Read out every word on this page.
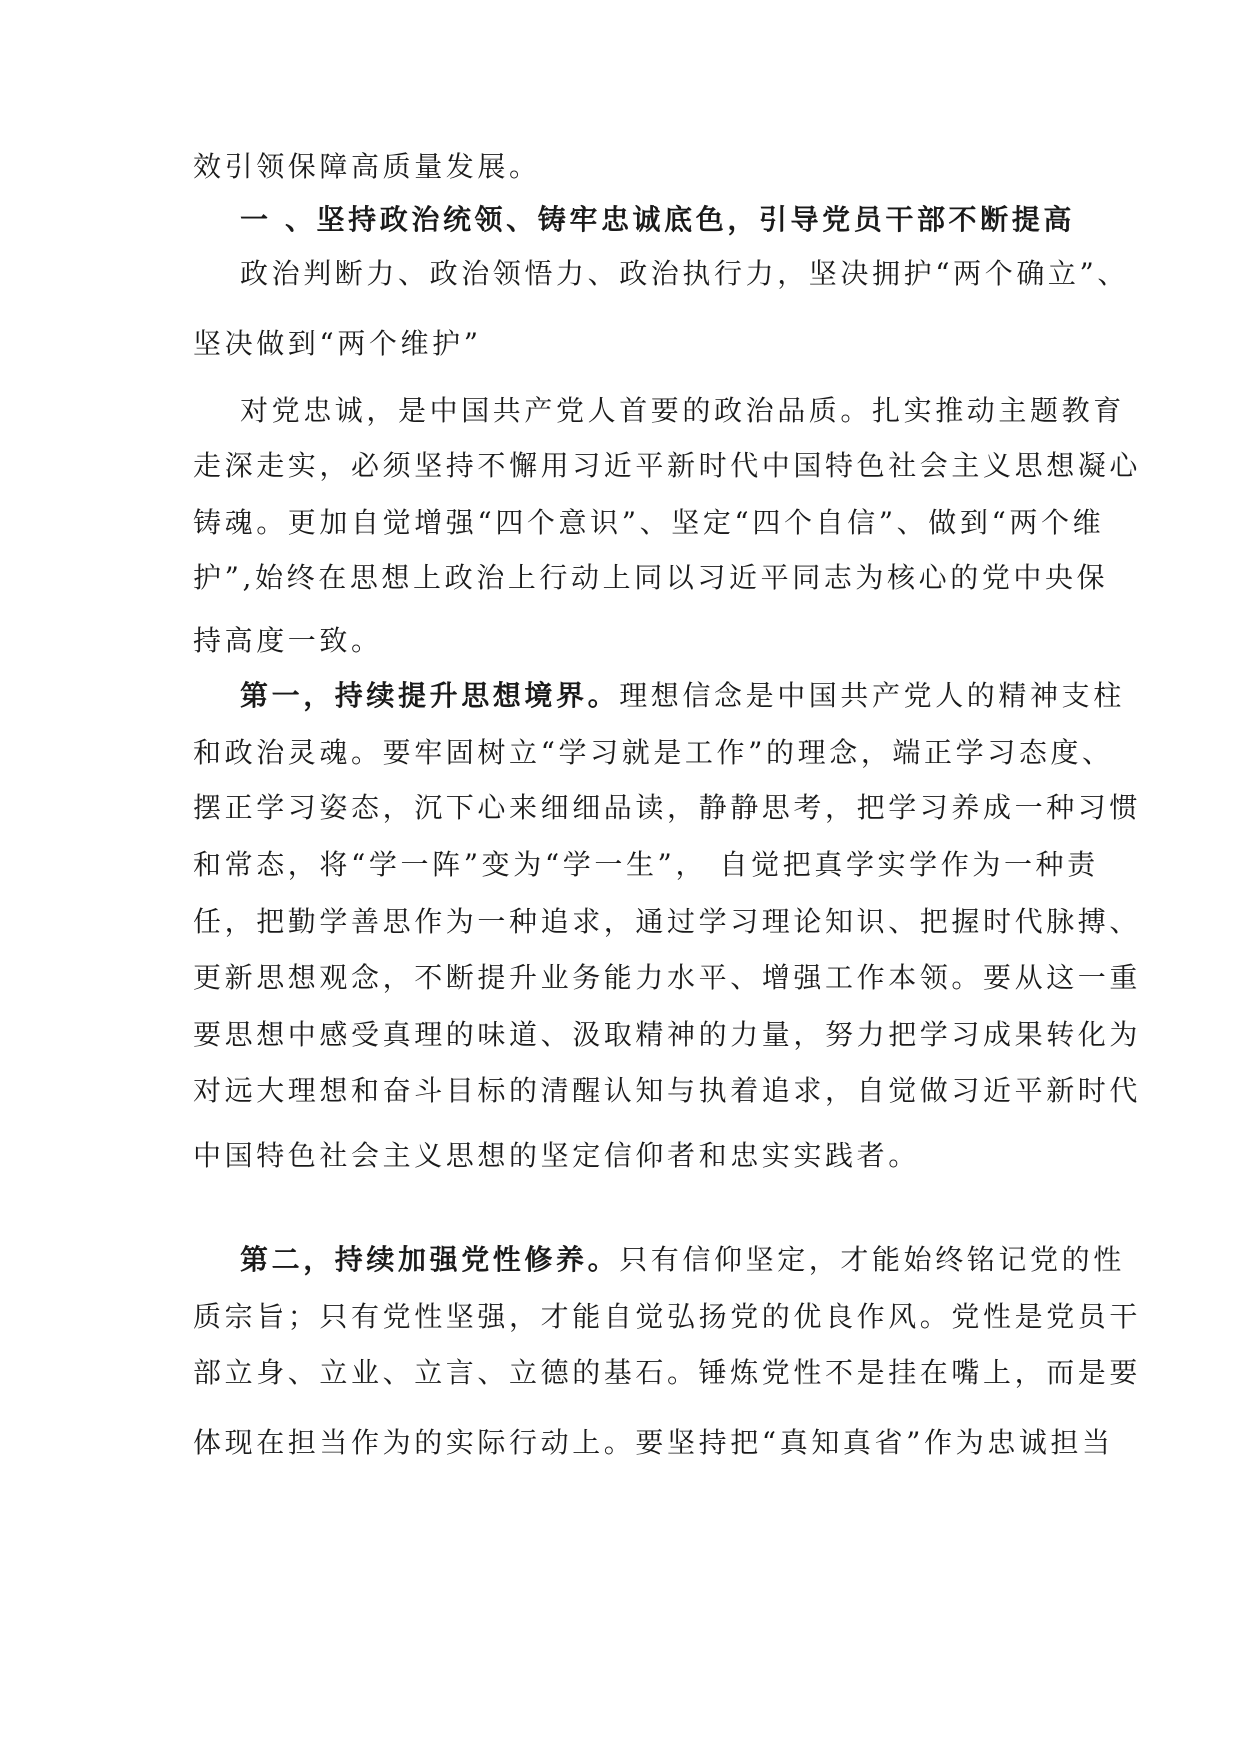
效引领保障高质量发展。

一 、坚持政治统领、铸牢忠诚底色，引导党员干部不断提高

政治判断力、政治领悟力、政治执行力，坚决拥护“两个确立”、

坚决做到“两个维护”

对党忠诚，是中国共产党人首要的政治品质。扎实推动主题教育

走深走实，必须坚持不懈用习近平新时代中国特色社会主义思想凝心

铸魂。更加自觉增强“四个意识”、坚定“四个自信”、做到“两个维

护”,始终在思想上政治上行动上同以习近平同志为核心的党中央保

持高度一致。

第一，持续提升思想境界。理想信念是中国共产党人的精神支柱

和政治灵魂。要牢固树立“学习就是工作”的理念，端正学习态度、

摆正学习姿态，沉下心来细细品读，静静思考，把学习养成一种习惯

和常态，将“学一阵”变为“学一生”， 自觉把真学实学作为一种责

任，把勤学善思作为一种追求，通过学习理论知识、把握时代脉搏、

更新思想观念，不断提升业务能力水平、增强工作本领。要从这一重

要思想中感受真理的味道、汲取精神的力量，努力把学习成果转化为

对远大理想和奋斗目标的清醒认知与执着追求，自觉做习近平新时代

中国特色社会主义思想的坚定信仰者和忠实实践者。

第二，持续加强党性修养。只有信仰坚定，才能始终铭记党的性

质宗旨；只有党性坚强，才能自觉弘扬党的优良作风。党性是党员干

部立身、立业、立言、立德的基石。锤炼党性不是挂在嘴上，而是要

体现在担当作为的实际行动上。要坚持把“真知真省”作为忠诚担当
